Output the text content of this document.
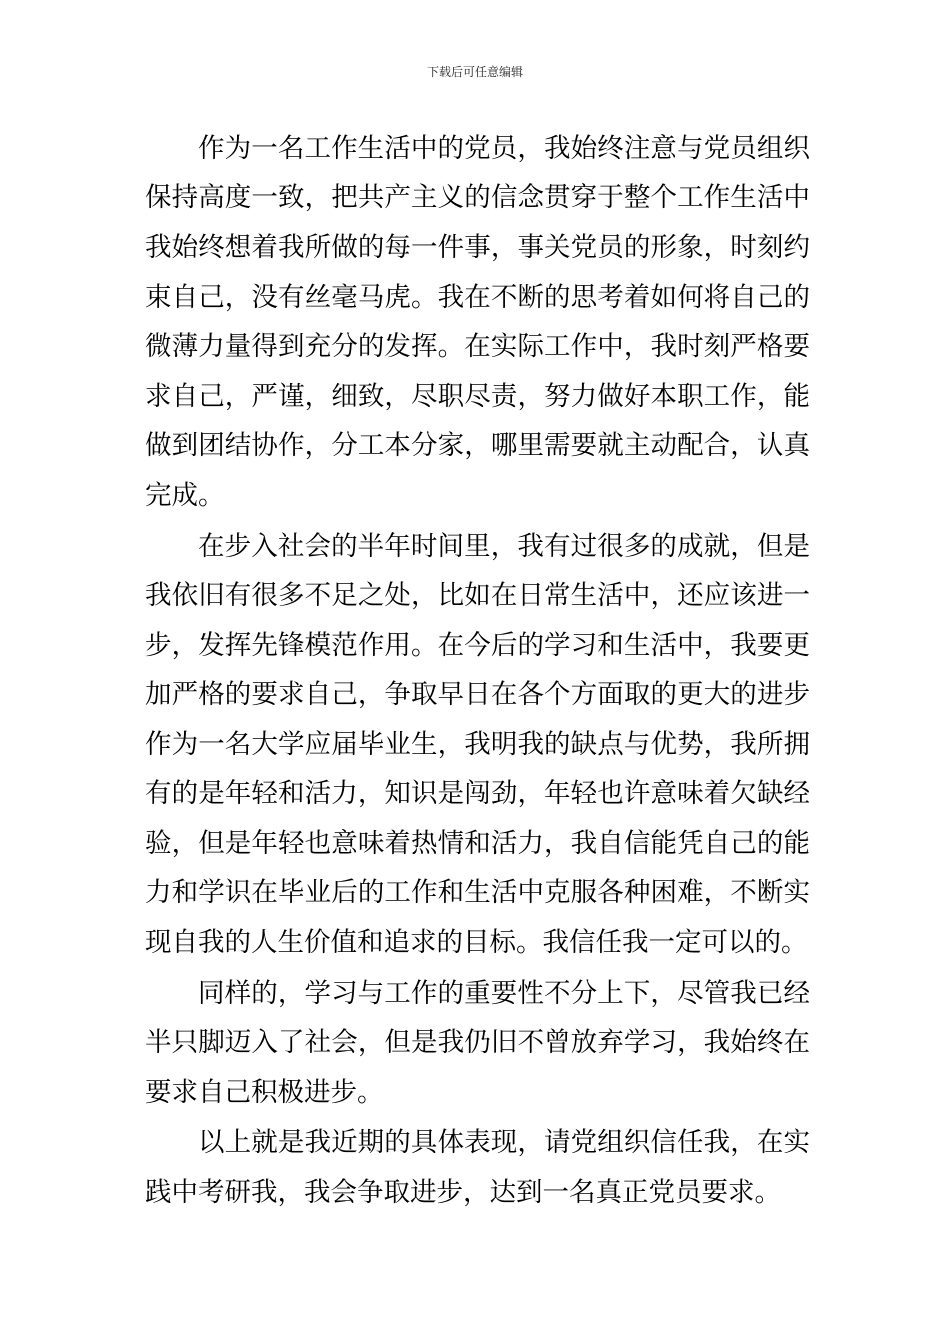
下载后可任意编辑
作为一名工作生活中的党员，我始终注意与党员组织
保持高度一致，把共产主义的信念贯穿于整个工作生活中
我始终想着我所做的每一件事，事关党员的形象，时刻约
束自己，没有丝毫马虎。我在不断的思考着如何将自己的
微薄力量得到充分的发挥。在实际工作中，我时刻严格要
求自己，严谨，细致，尽职尽责，努力做好本职工作，能
做到团结协作，分工本分家，哪里需要就主动配合，认真
完成。
在步入社会的半年时间里，我有过很多的成就，但是
我依旧有很多不足之处，比如在日常生活中，还应该进一
步，发挥先锋模范作用。在今后的学习和生活中，我要更
加严格的要求自己，争取早日在各个方面取的更大的进步
作为一名大学应届毕业生，我明我的缺点与优势，我所拥
有的是年轻和活力，知识是闯劲，年轻也许意味着欠缺经
验，但是年轻也意味着热情和活力，我自信能凭自己的能
力和学识在毕业后的工作和生活中克服各种困难，不断实
现自我的人生价值和追求的目标。我信任我一定可以的。
同样的，学习与工作的重要性不分上下，尽管我已经
半只脚迈入了社会，但是我仍旧不曾放弃学习，我始终在
要求自己积极进步。
以上就是我近期的具体表现，请党组织信任我，在实
践中考研我，我会争取进步，达到一名真正党员要求。
